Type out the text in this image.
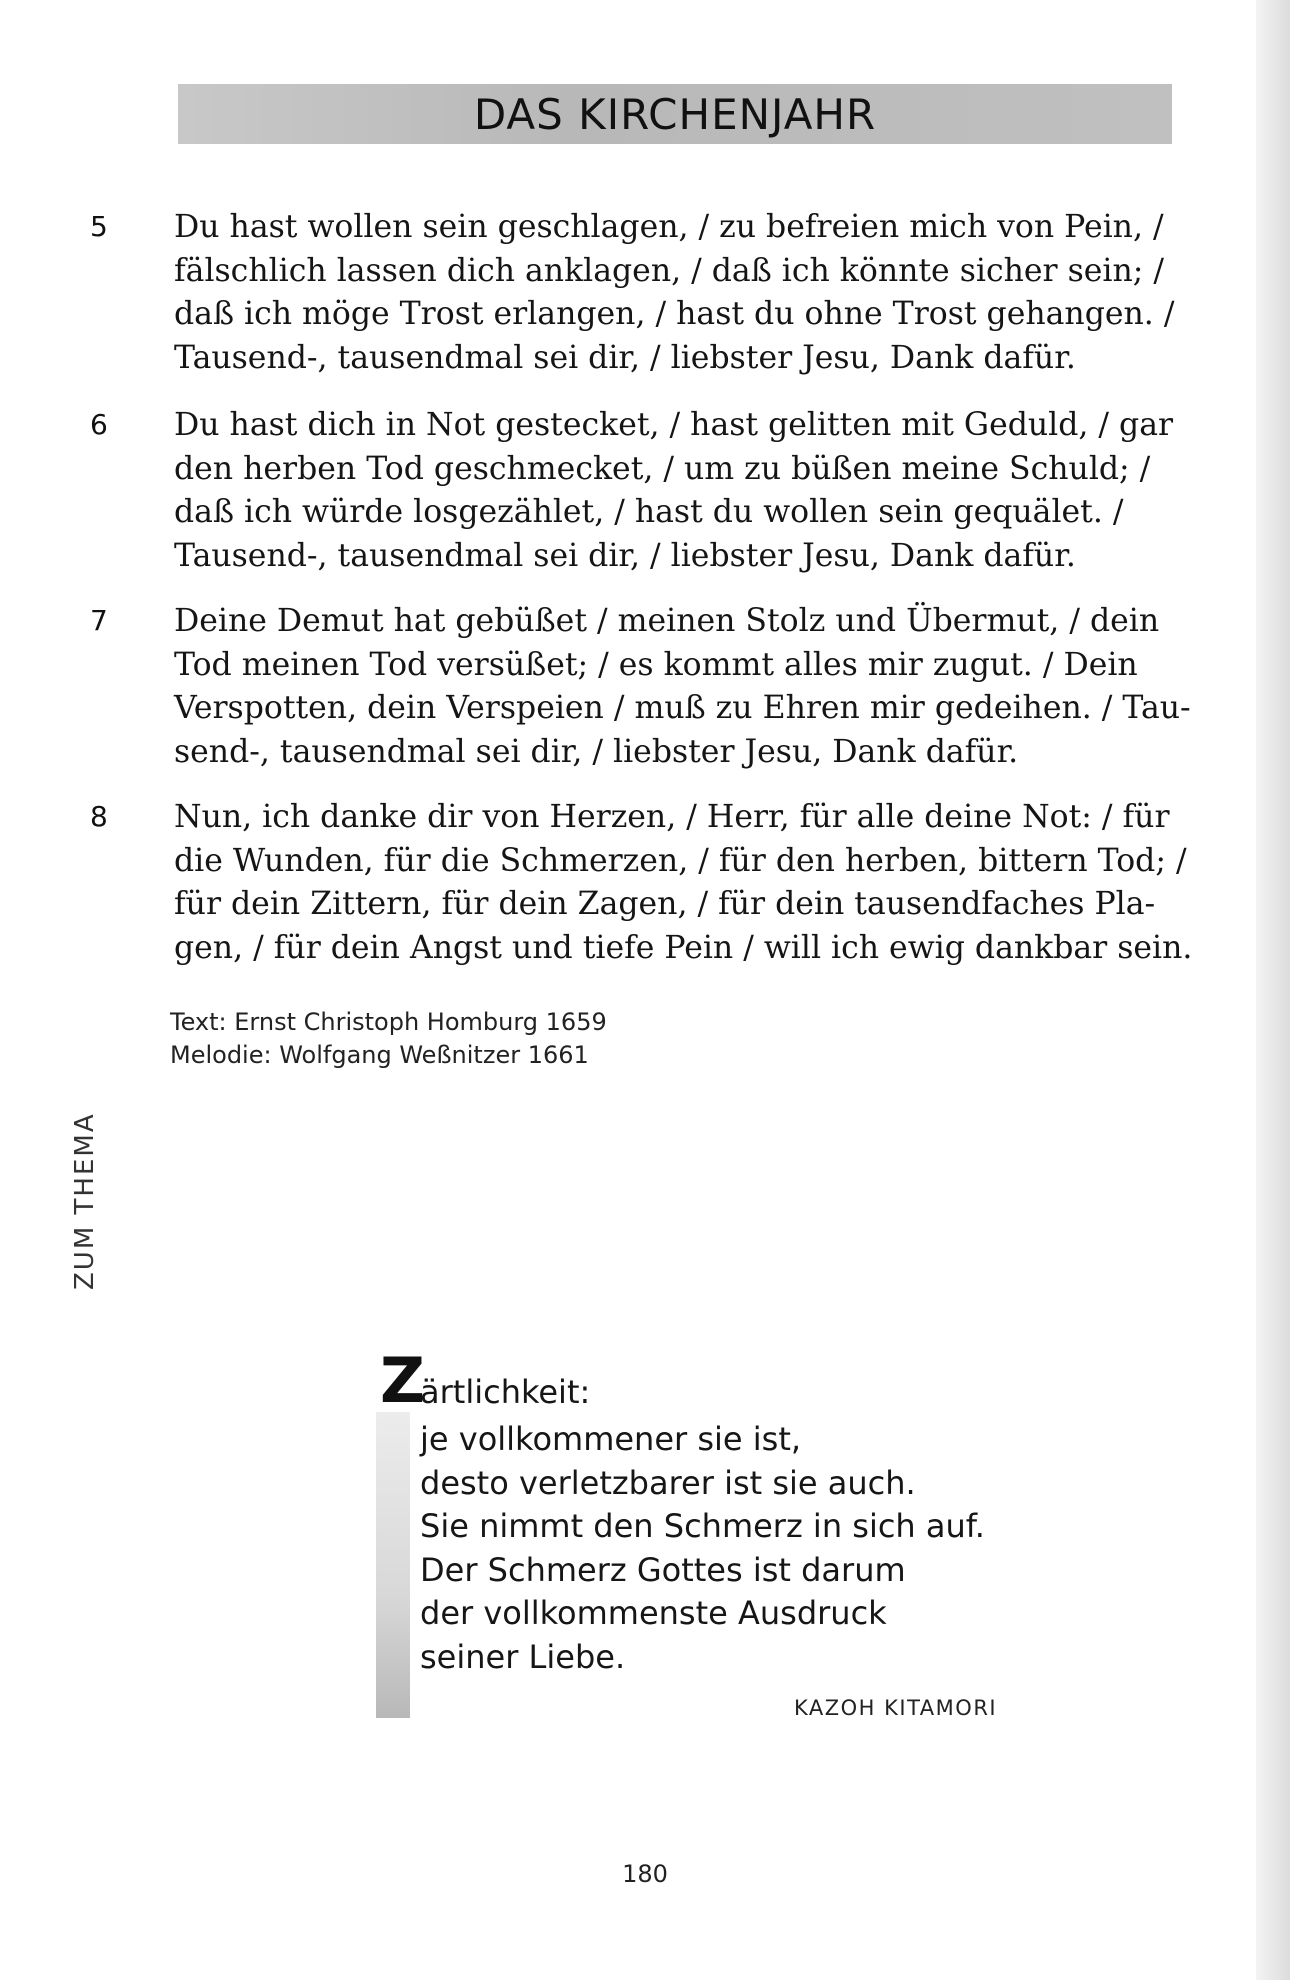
DAS KIRCHENJAHR
5	Du hast wollen sein geschlagen, / zu befreien mich von Pein, /
fälschlich lassen dich anklagen, / daß ich könnte sicher sein; /
daß ich möge Trost erlangen, / hast du ohne Trost gehangen. /
Tausend-, tausendmal sei dir, / liebster Jesu, Dank dafür.
6	Du hast dich in Not gestecket, / hast gelitten mit Geduld, / gar
den herben Tod geschmecket, / um zu büßen meine Schuld; /
daß ich würde losgezählet, / hast du wollen sein gequälet. /
Tausend-, tausendmal sei dir, / liebster Jesu, Dank dafür.
7	Deine Demut hat gebüßet / meinen Stolz und Übermut, / dein
Tod meinen Tod versüßet; / es kommt alles mir zugut. / Dein
Verspotten, dein Verspeien / muß zu Ehren mir gedeihen. / Tau-
send-, tausendmal sei dir, / liebster Jesu, Dank dafür.
8	Nun, ich danke dir von Herzen, / Herr, für alle deine Not: / für
die Wunden, für die Schmerzen, / für den herben, bittern Tod; /
für dein Zittern, für dein Zagen, / für dein tausendfaches Pla-
gen, / für dein Angst und tiefe Pein / will ich ewig dankbar sein.
Text: Ernst Christoph Homburg 1659
Melodie: Wolfgang Weßnitzer 1661
ZUM THEMA
Z
ärtlichkeit:
je vollkommener sie ist,
desto verletzbarer ist sie auch.
Sie nimmt den Schmerz in sich auf.
Der Schmerz Gottes ist darum
der vollkommenste Ausdruck
seiner Liebe.
KAZOH KITAMORI
180
